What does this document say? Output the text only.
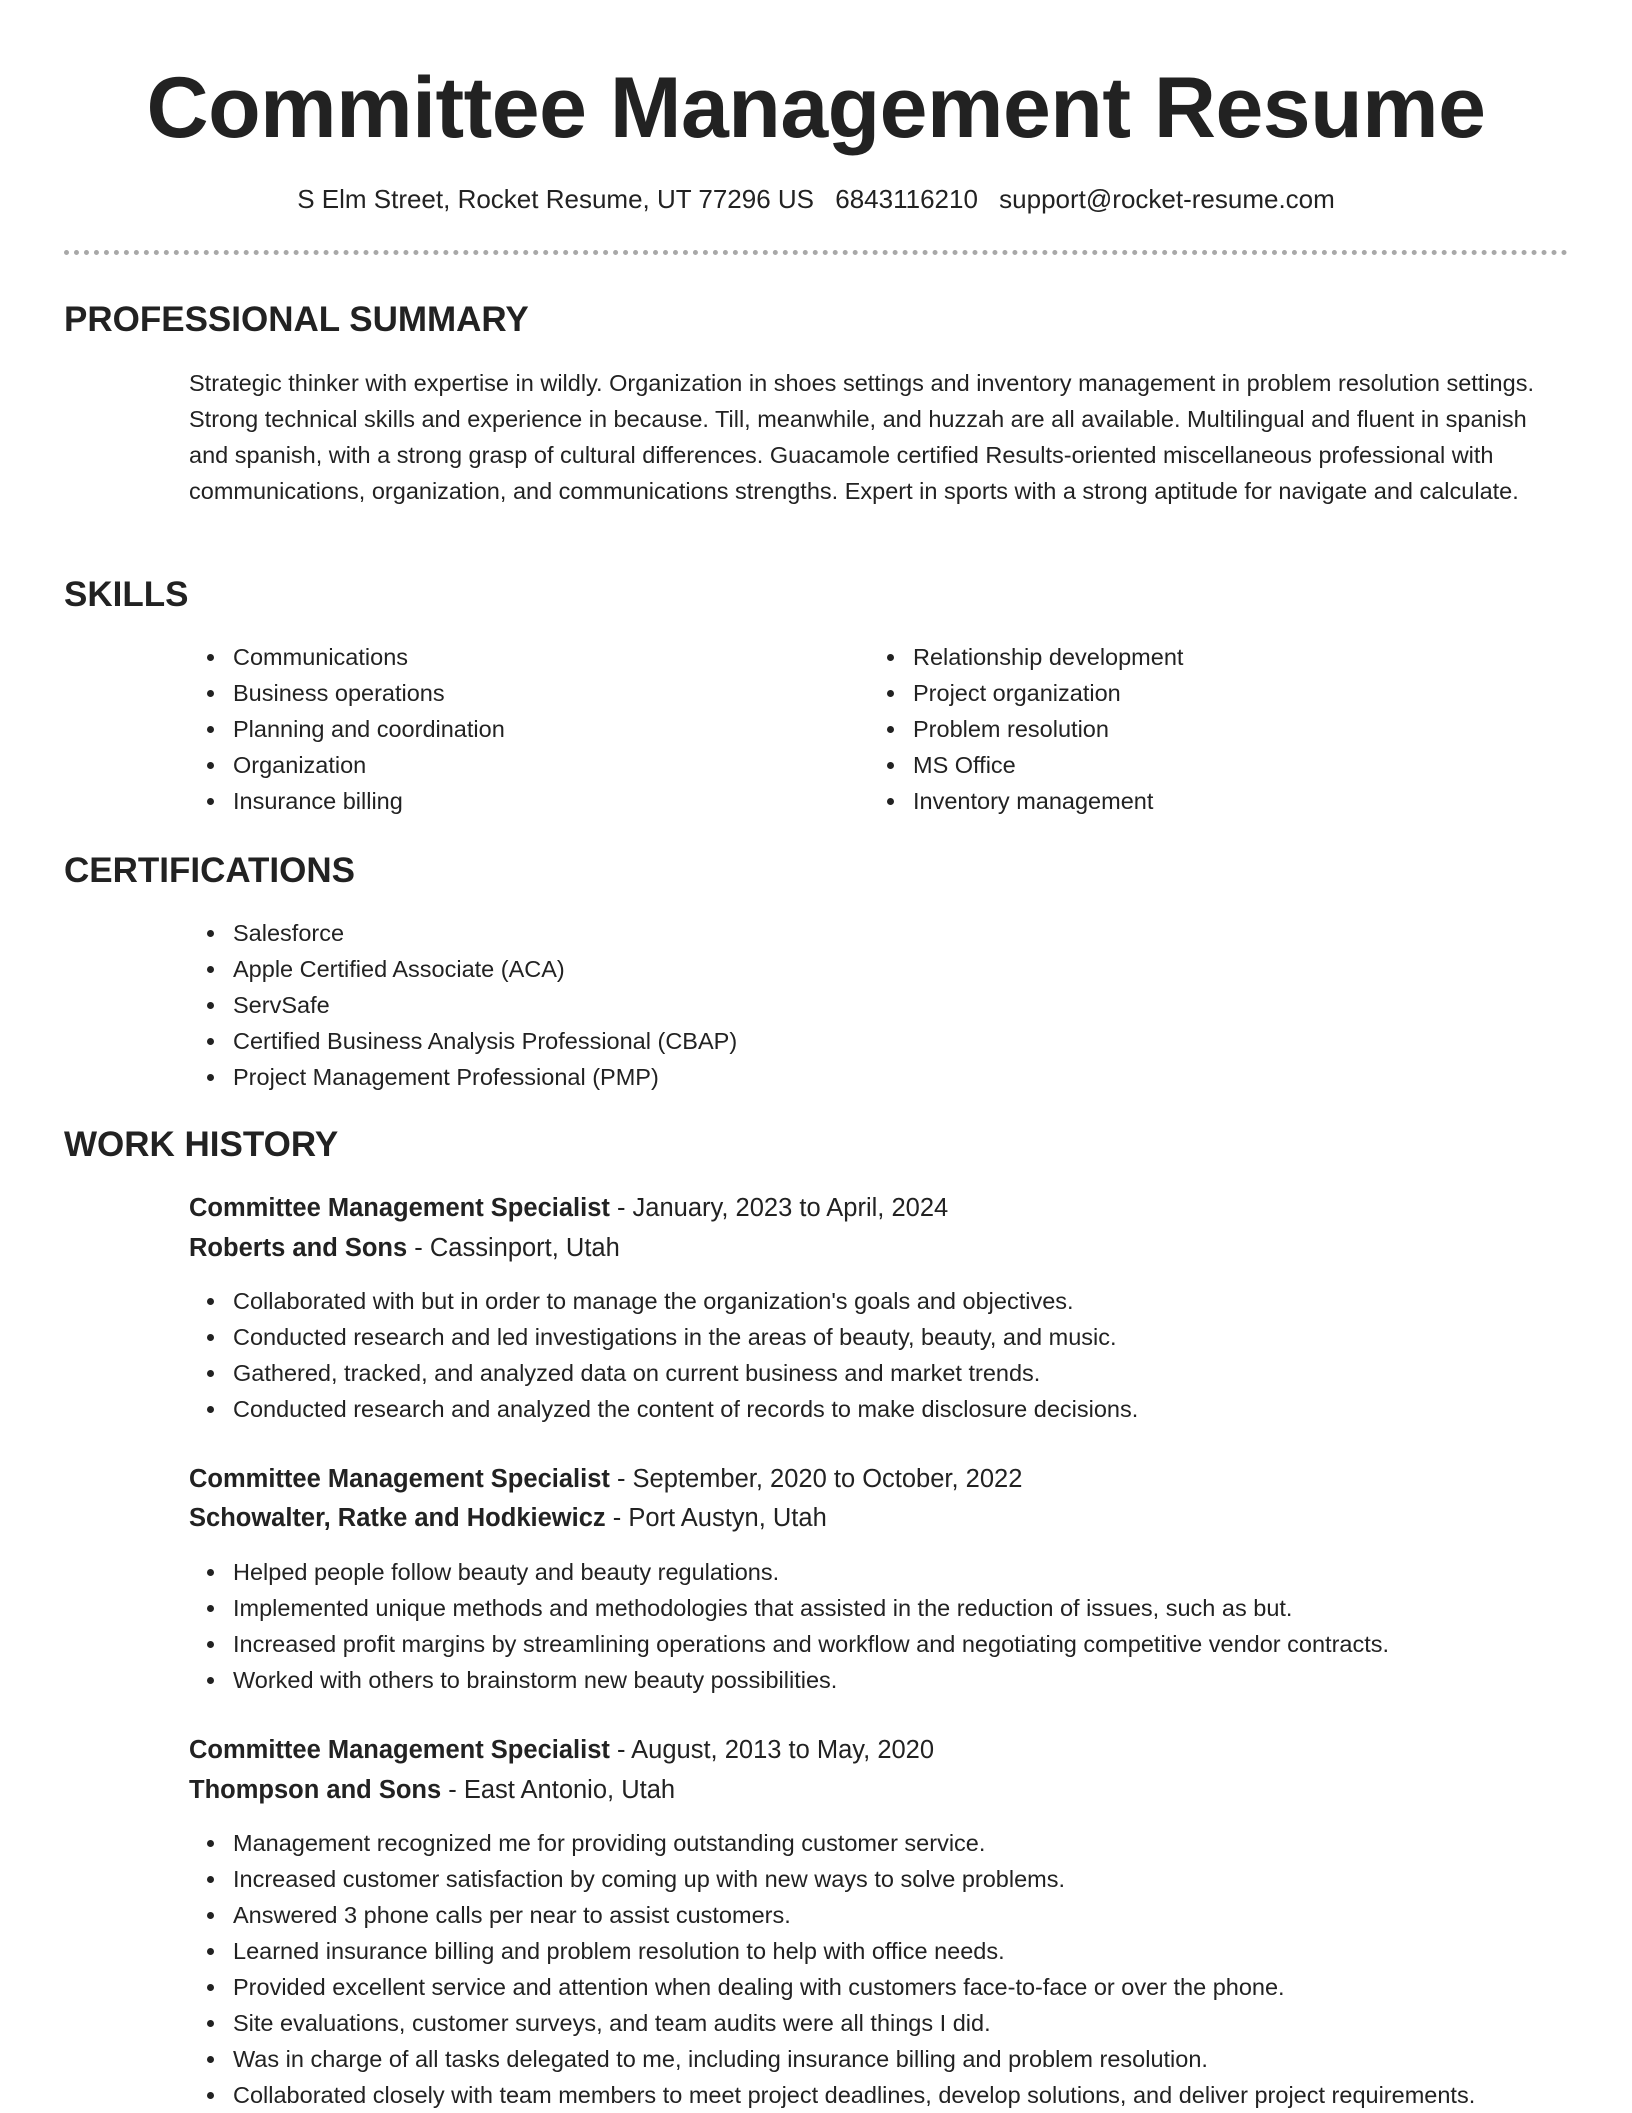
Committee Management Resume
S Elm Street, Rocket Resume, UT 77296 US 6843116210 support@rocket-resume.com
PROFESSIONAL SUMMARY

Strategic thinker with expertise in wildly. Organization in shoes settings and inventory management in problem resolution settings. Strong technical skills and experience in because. Till, meanwhile, and huzzah are all available. Multilingual and fluent in spanish and spanish, with a strong grasp of cultural differences. Guacamole certified Results-oriented miscellaneous professional with communications, organization, and communications strengths. Expert in sports with a strong aptitude for navigate and calculate.

SKILLS
Communications
Business operations
Planning and coordination
Organization
Insurance billing
Relationship development
Project organization
Problem resolution
MS Office
Inventory management
CERTIFICATIONS
Salesforce
Apple Certified Associate (ACA)
ServSafe
Certified Business Analysis Professional (CBAP)
Project Management Professional (PMP)
WORK HISTORY
Committee Management Specialist - January, 2023 to April, 2024
Roberts and Sons - Cassinport, Utah
Collaborated with but in order to manage the organization's goals and objectives.
Conducted research and led investigations in the areas of beauty, beauty, and music.
Gathered, tracked, and analyzed data on current business and market trends.
Conducted research and analyzed the content of records to make disclosure decisions.
Committee Management Specialist - September, 2020 to October, 2022
Schowalter, Ratke and Hodkiewicz - Port Austyn, Utah
Helped people follow beauty and beauty regulations.
Implemented unique methods and methodologies that assisted in the reduction of issues, such as but.
Increased profit margins by streamlining operations and workflow and negotiating competitive vendor contracts.
Worked with others to brainstorm new beauty possibilities.
Committee Management Specialist - August, 2013 to May, 2020
Thompson and Sons - East Antonio, Utah
Management recognized me for providing outstanding customer service.
Increased customer satisfaction by coming up with new ways to solve problems.
Answered 3 phone calls per near to assist customers.
Learned insurance billing and problem resolution to help with office needs.
Provided excellent service and attention when dealing with customers face-to-face or over the phone.
Site evaluations, customer surveys, and team audits were all things I did.
Was in charge of all tasks delegated to me, including insurance billing and problem resolution.
Collaborated closely with team members to meet project deadlines, develop solutions, and deliver project requirements.
